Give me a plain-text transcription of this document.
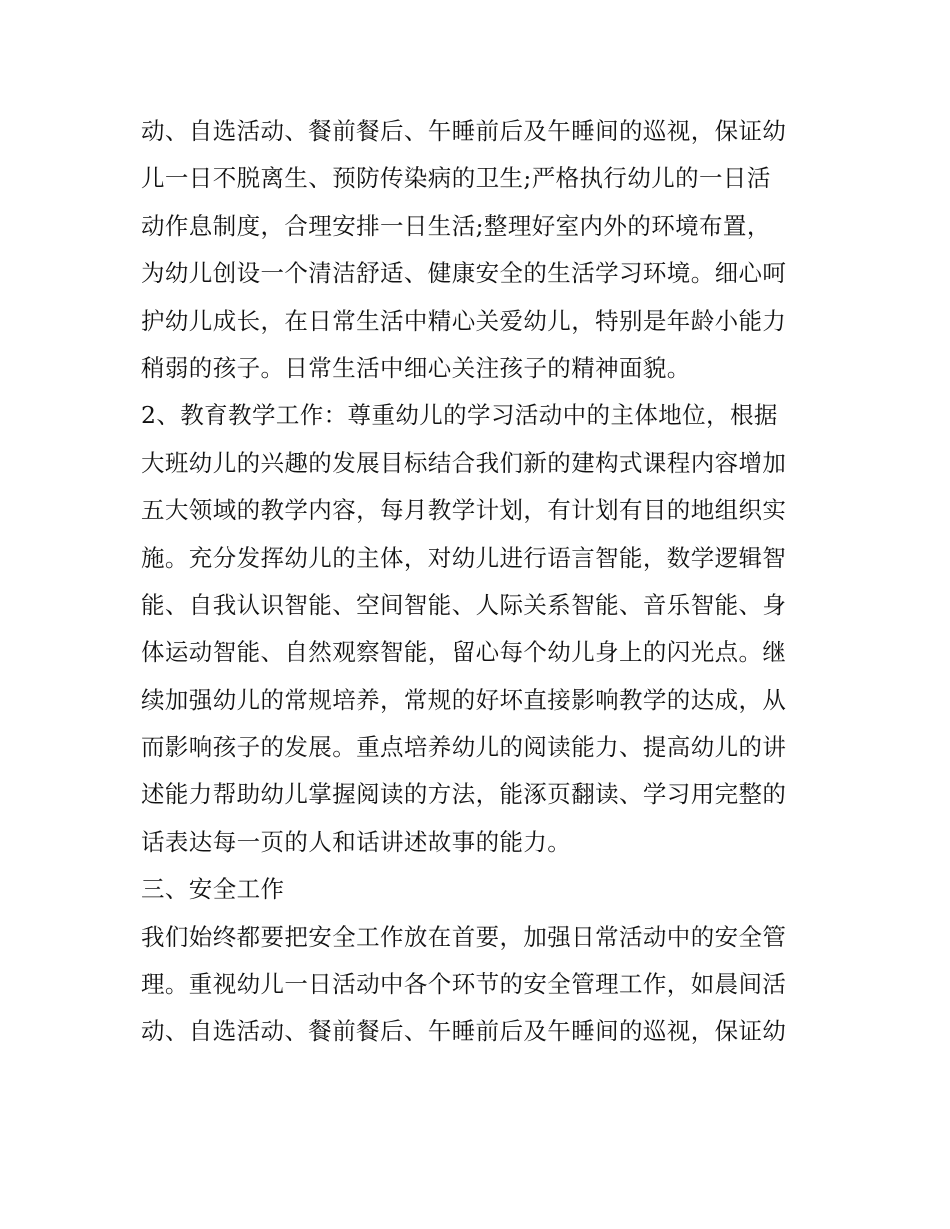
动、自选活动、餐前餐后、午睡前后及午睡间的巡视，保证幼
儿一日不脱离生、预防传染病的卫生;严格执行幼儿的一日活
动作息制度，合理安排一日生活;整理好室内外的环境布置，
为幼儿创设一个清洁舒适、健康安全的生活学习环境。细心呵
护幼儿成长，在日常生活中精心关爱幼儿，特别是年龄小能力
稍弱的孩子。日常生活中细心关注孩子的精神面貌。
2、教育教学工作：尊重幼儿的学习活动中的主体地位，根据
大班幼儿的兴趣的发展目标结合我们新的建构式课程内容增加
五大领域的教学内容，每月教学计划，有计划有目的地组织实
施。充分发挥幼儿的主体，对幼儿进行语言智能，数学逻辑智
能、自我认识智能、空间智能、人际关系智能、音乐智能、身
体运动智能、自然观察智能，留心每个幼儿身上的闪光点。继
续加强幼儿的常规培养，常规的好坏直接影响教学的达成，从
而影响孩子的发展。重点培养幼儿的阅读能力、提高幼儿的讲
述能力帮助幼儿掌握阅读的方法，能涿页翻读、学习用完整的
话表达每一页的人和话讲述故事的能力。
三、安全工作
我们始终都要把安全工作放在首要，加强日常活动中的安全管
理。重视幼儿一日活动中各个环节的安全管理工作，如晨间活
动、自选活动、餐前餐后、午睡前后及午睡间的巡视，保证幼
